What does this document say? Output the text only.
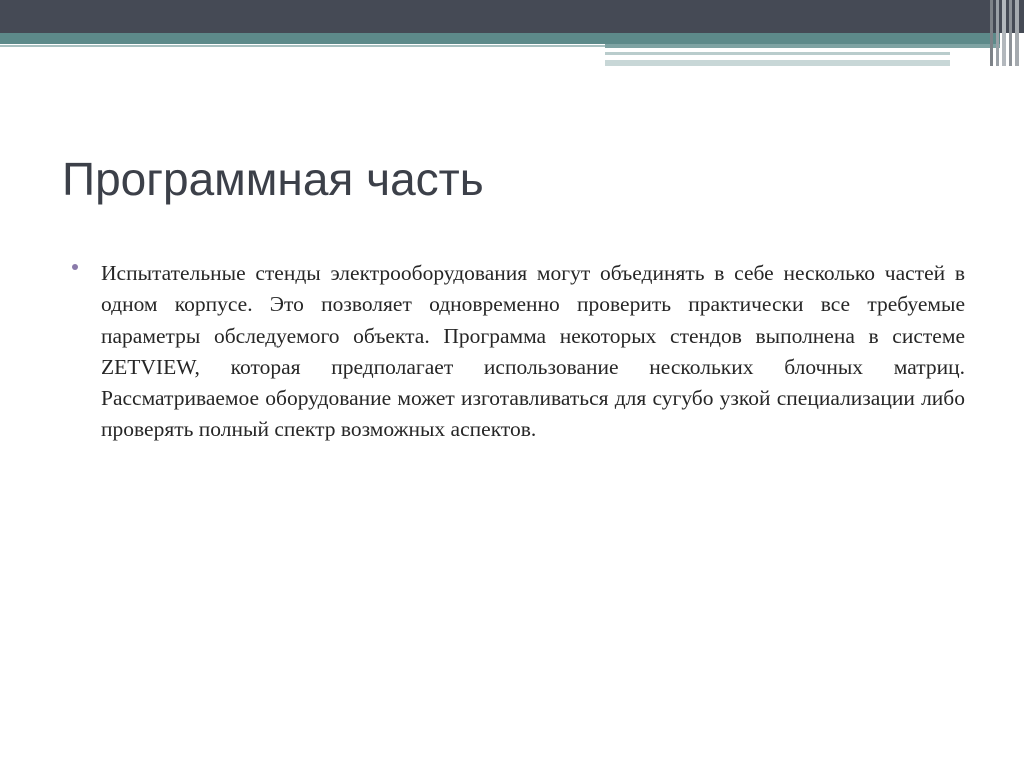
Программная часть

Испытательные стенды электрооборудования могут объединять в себе несколько частей в одном корпусе. Это позволяет одновременно проверить практически все требуемые параметры обследуемого объекта. Программа некоторых стендов выполнена в системе ZETVIEW, которая предполагает использование нескольких блочных матриц. Рассматриваемое оборудование может изготавливаться для сугубо узкой специализации либо проверять полный спектр возможных аспектов.
